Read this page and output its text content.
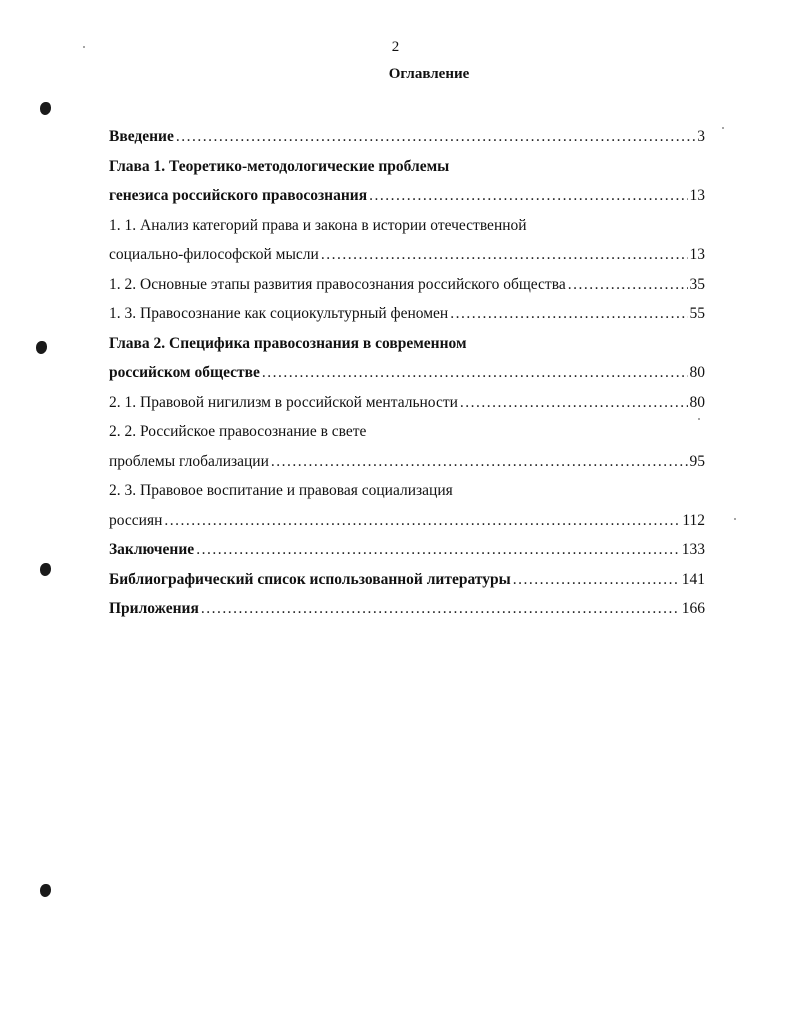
2
Оглавление
Введение .....	3
Глава 1. Теоретико-методологические проблемы
генезиса российского правосознания .....	13
1. 1. Анализ категорий права и закона в истории отечественной
социально-философской мысли .....	13
1. 2. Основные этапы развития правосознания российского общества .....	35
1. 3. Правосознание как социокультурный феномен .....	55
Глава 2. Специфика правосознания в современном
российском обществе .....	80
2. 1. Правовой нигилизм в российской ментальности .....	80
2. 2. Российское правосознание в свете
проблемы глобализации .....	95
2. 3. Правовое воспитание и правовая социализация
россиян .....	112
Заключение .....	133
Библиографический список использованной литературы .....	141
Приложения .....	166
